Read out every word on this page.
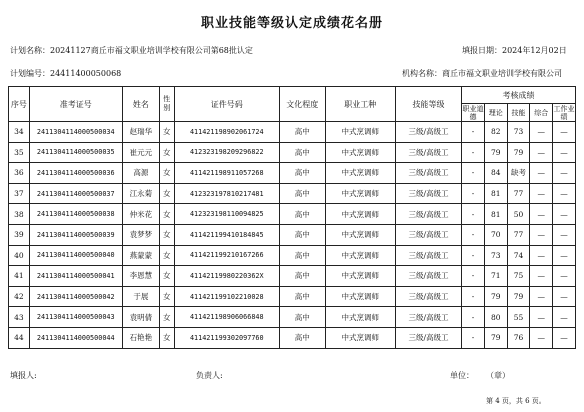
职业技能等级认定成绩花名册
计划名称：20241127商丘市福文职业培训学校有限公司第68批认定	填报日期：2024年12月02日
计划编号：24411400050068	机构名称：商丘市福文职业培训学校有限公司
序号	准考证号	姓名	性别	证件号码	文化程度	职业工种	技能等级	考核成绩				
								职业道德	理论	技能	综合	工作业绩
34	2411304114000500034	赵瑞华	女	411421198902061724	高中	中式烹调师	三级/高级工	-	82	73	—	—
35	2411304114000500035	崔元元	女	412323198209296822	高中	中式烹调师	三级/高级工	-	79	79	—	—
36	2411304114000500036	高源	女	411421198911057268	高中	中式烹调师	三级/高级工	-	84	缺考	—	—
37	2411304114000500037	江永菊	女	412323197810217481	高中	中式烹调师	三级/高级工	-	81	77	—	—
38	2411304114000500038	仲米花	女	412323198110094825	高中	中式烹调师	三级/高级工	-	81	50	—	—
39	2411304114000500039	袁梦梦	女	411421199410184845	高中	中式烹调师	三级/高级工	-	70	77	—	—
40	2411304114000500040	燕蒙蒙	女	411421199210167266	高中	中式烹调师	三级/高级工	-	73	74	—	—
41	2411304114000500041	李恩慧	女	41142119980220362X	高中	中式烹调师	三级/高级工	-	71	75	—	—
42	2411304114000500042	于展	女	411421199102210028	高中	中式烹调师	三级/高级工	-	79	79	—	—
43	2411304114000500043	袁明倩	女	411421198906066848	高中	中式烹调师	三级/高级工	-	80	55	—	—
44	2411304114000500044	石艳艳	女	411421199302097760	高中	中式烹调师	三级/高级工	-	79	76	—	—
填报人:	负责人:	单位： （章）
第 4 页，共 6 页。
